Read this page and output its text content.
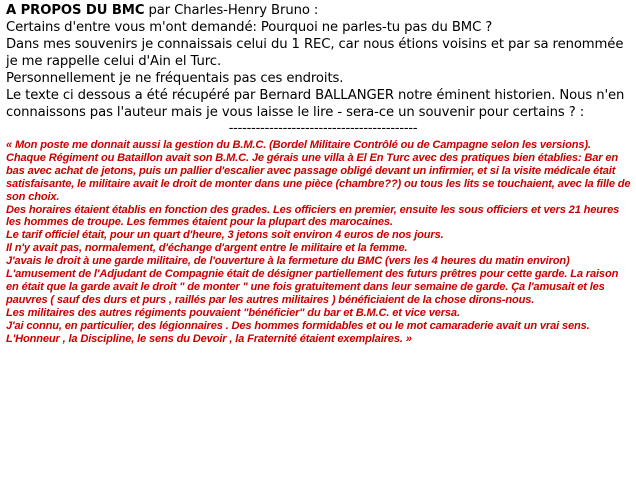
A PROPOS DU BMC par Charles-Henry Bruno :

Certains d'entre vous m'ont demandé: Pourquoi ne parles-tu pas du BMC ?

Dans mes souvenirs je connaissais celui du 1 REC, car nous étions voisins et par sa renommée je me rappelle celui d'Ain el Turc.

Personnellement je ne fréquentais pas ces endroits.

Le texte ci dessous a été récupéré par Bernard BALLANGER notre éminent historien. Nous n'en connaissons pas l'auteur mais je vous laisse le lire - sera-ce un souvenir pour certains ? :

------------------------------------------

« Mon poste me donnait aussi la gestion du B.M.C. (Bordel Militaire Contrôlé ou de Campagne selon les versions).

Chaque Régiment ou Bataillon avait son B.M.C. Je gérais une villa à El En Turc avec des pratiques bien établies: Bar en bas avec achat de jetons, puis un pallier d'escalier avec passage obligé devant un infirmier, et si la visite médicale était satisfaisante, le militaire avait le droit de monter dans une pièce (chambre??) ou tous les lits se touchaient, avec la fille de son choix.

Des horaires étaient établis en fonction des grades. Les officiers en premier, ensuite les sous officiers et vers 21 heures les hommes de troupe. Les femmes étaient pour la plupart des marocaines.

Le tarif officiel était, pour un quart d'heure, 3 jetons soit environ 4 euros de nos jours.

Il n'y avait pas, normalement, d'échange d'argent entre le militaire et la femme.

J'avais le droit à une garde militaire, de l'ouverture à la fermeture du BMC (vers les 4 heures du matin environ)

L'amusement de l'Adjudant de Compagnie était de désigner partiellement des futurs prêtres pour cette garde. La raison en était que la garde avait le droit " de monter " une fois gratuitement dans leur semaine de garde. Ça l'amusait et les pauvres ( sauf des durs et purs , raillés par les autres militaires ) bénéficiaient de la chose dirons-nous.

Les militaires des autres régiments pouvaient "bénéficier" du bar et B.M.C. et vice versa.

J'ai connu, en particulier, des légionnaires . Des hommes formidables et ou le mot camaraderie avait un vrai sens.

L'Honneur , la Discipline, le sens du Devoir , la Fraternité étaient exemplaires. »
